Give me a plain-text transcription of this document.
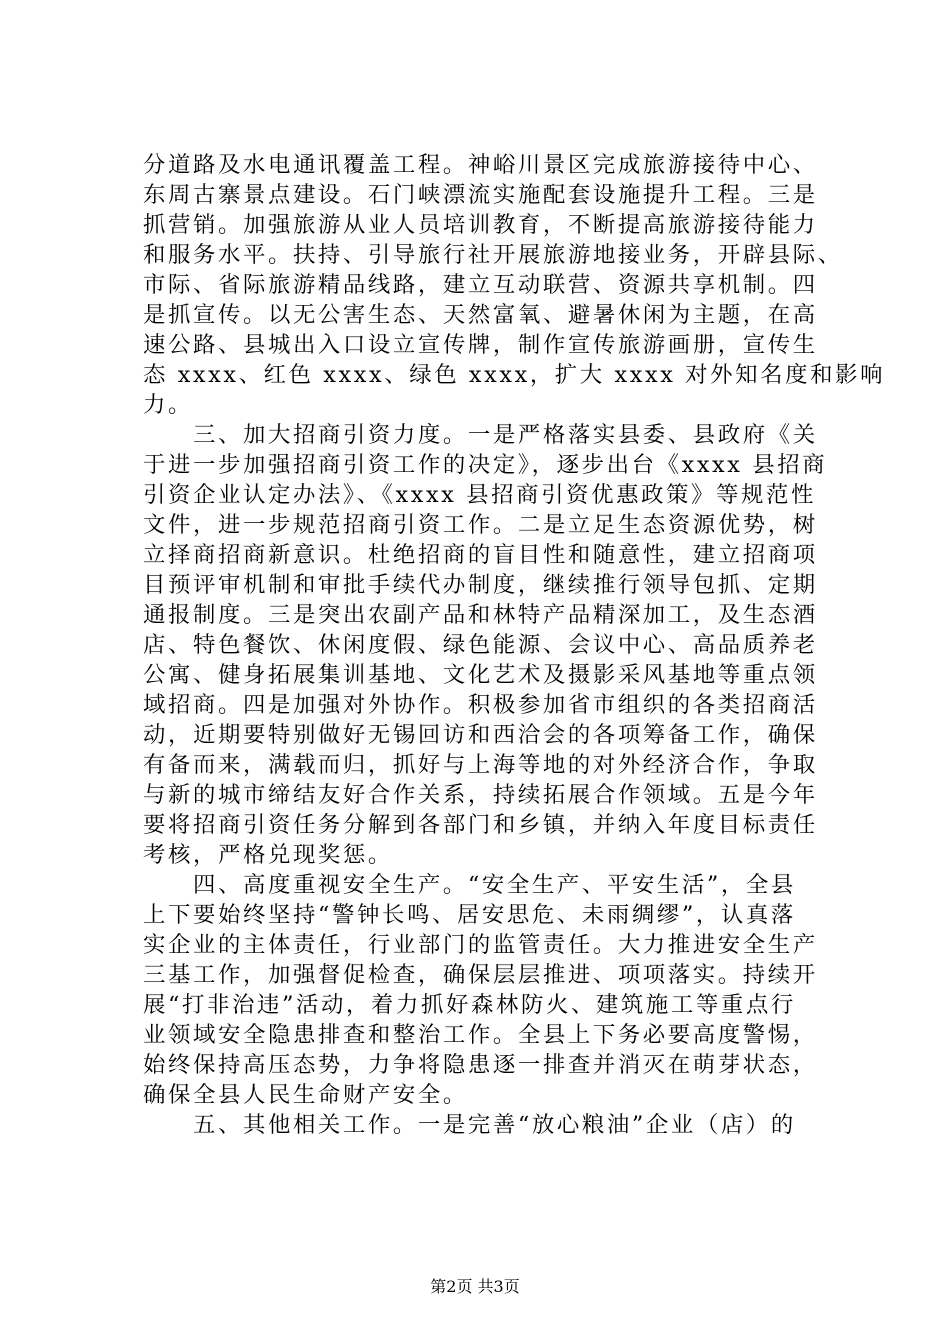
分道路及水电通讯覆盖工程。神峪川景区完成旅游接待中心、
东周古寨景点建设。石门峡漂流实施配套设施提升工程。三是
抓营销。加强旅游从业人员培训教育，不断提高旅游接待能力
和服务水平。扶持、引导旅行社开展旅游地接业务，开辟县际、
市际、省际旅游精品线路，建立互动联营、资源共享机制。四
是抓宣传。以无公害生态、天然富氧、避暑休闲为主题，在高
速公路、县城出入口设立宣传牌，制作宣传旅游画册，宣传生
态 xxxx、红色 xxxx、绿色 xxxx，扩大 xxxx 对外知名度和影响
力。
　　三、加大招商引资力度。一是严格落实县委、县政府《关
于进一步加强招商引资工作的决定》，逐步出台《xxxx 县招商
引资企业认定办法》、《xxxx 县招商引资优惠政策》等规范性
文件，进一步规范招商引资工作。二是立足生态资源优势，树
立择商招商新意识。杜绝招商的盲目性和随意性，建立招商项
目预评审机制和审批手续代办制度，继续推行领导包抓、定期
通报制度。三是突出农副产品和林特产品精深加工，及生态酒
店、特色餐饮、休闲度假、绿色能源、会议中心、高品质养老
公寓、健身拓展集训基地、文化艺术及摄影采风基地等重点领
域招商。四是加强对外协作。积极参加省市组织的各类招商活
动，近期要特别做好无锡回访和西洽会的各项筹备工作，确保
有备而来，满载而归，抓好与上海等地的对外经济合作，争取
与新的城市缔结友好合作关系，持续拓展合作领域。五是今年
要将招商引资任务分解到各部门和乡镇，并纳入年度目标责任
考核，严格兑现奖惩。
　　四、高度重视安全生产。“安全生产、平安生活”，全县
上下要始终坚持“警钟长鸣、居安思危、未雨绸缪”，认真落
实企业的主体责任，行业部门的监管责任。大力推进安全生产
三基工作，加强督促检查，确保层层推进、项项落实。持续开
展“打非治违”活动，着力抓好森林防火、建筑施工等重点行
业领域安全隐患排查和整治工作。全县上下务必要高度警惕，
始终保持高压态势，力争将隐患逐一排查并消灭在萌芽状态，
确保全县人民生命财产安全。
　　五、其他相关工作。一是完善“放心粮油”企业（店）的
第2页 共3页
